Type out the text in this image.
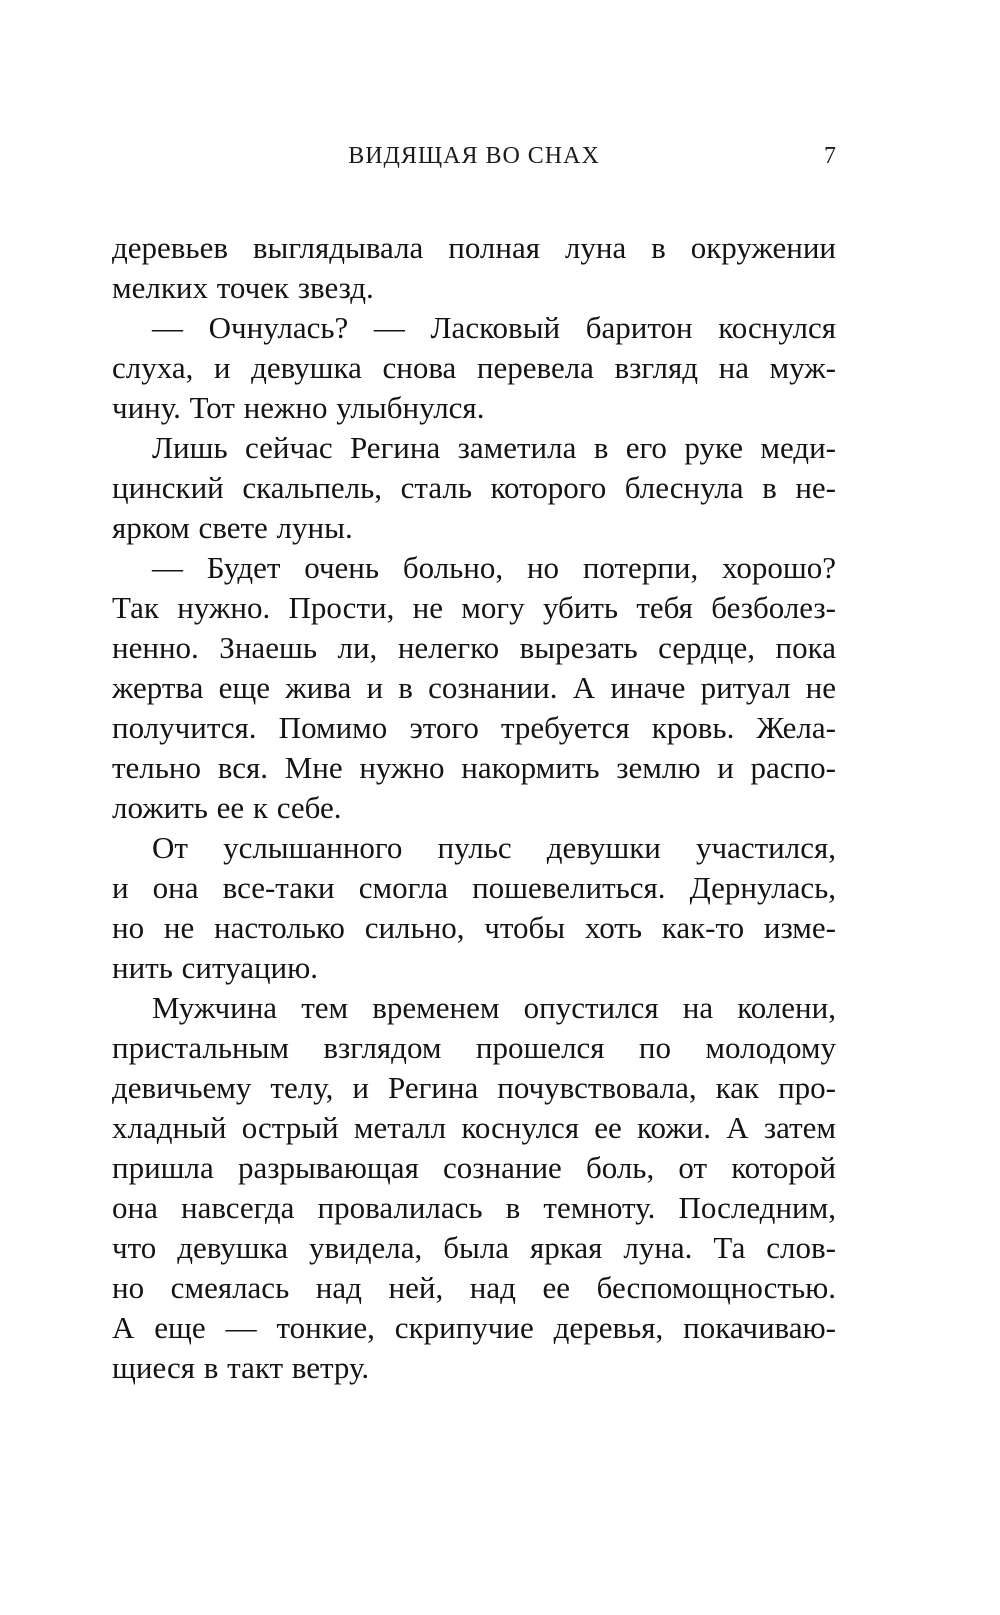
ВИДЯЩАЯ ВО СНАХ	7
деревьев выглядывала полная луна в окружении
мелких точек звезд.
— Очнулась? — Ласковый баритон коснулся
слуха, и девушка снова перевела взгляд на муж-
чину. Тот нежно улыбнулся.
Лишь сейчас Регина заметила в его руке меди-
цинский скальпель, сталь которого блеснула в не-
ярком свете луны.
— Будет очень больно, но потерпи, хорошо?
Так нужно. Прости, не могу убить тебя безболез-
ненно. Знаешь ли, нелегко вырезать сердце, пока
жертва еще жива и в сознании. А иначе ритуал не
получится. Помимо этого требуется кровь. Жела-
тельно вся. Мне нужно накормить землю и распо-
ложить ее к себе.
От услышанного пульс девушки участился,
и она все-таки смогла пошевелиться. Дернулась,
но не настолько сильно, чтобы хоть как-то изме-
нить ситуацию.
Мужчина тем временем опустился на колени,
пристальным взглядом прошелся по молодому
девичьему телу, и Регина почувствовала, как про-
хладный острый металл коснулся ее кожи. А затем
пришла разрывающая сознание боль, от которой
она навсегда провалилась в темноту. Последним,
что девушка увидела, была яркая луна. Та слов-
но смеялась над ней, над ее беспомощностью.
А еще — тонкие, скрипучие деревья, покачиваю-
щиеся в такт ветру.
